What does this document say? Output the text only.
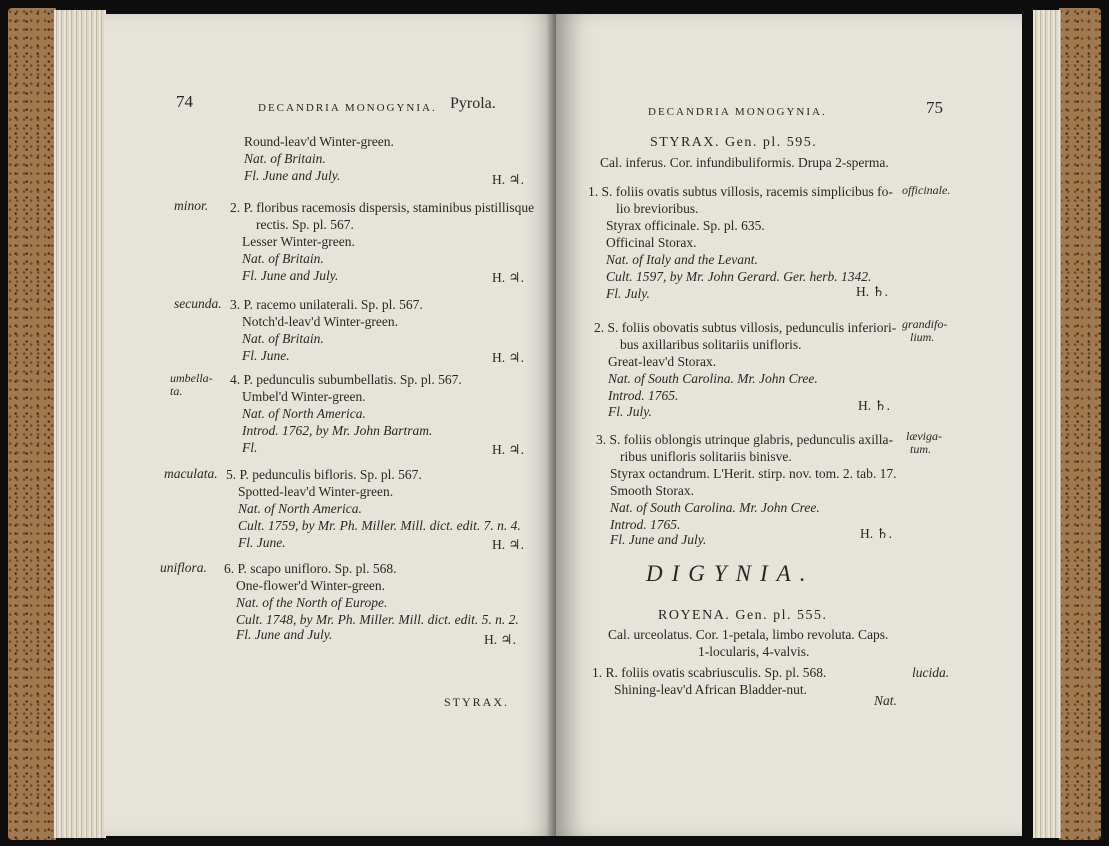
74	DECANDRIA MONOGYNIA. Pyrola.
Round-leav'd Winter-green.
Nat. of Britain.
Fl. June and July.	H. ♃.
minor. 2. P. floribus racemosis dispersis, staminibus pistillisque
rectis. Sp. pl. 567.
Lesser Winter-green.
Nat. of Britain.
Fl. June and July.	H. ♃.
secunda. 3. P. racemo unilaterali. Sp. pl. 567.
Notch'd-leav'd Winter-green.
Nat. of Britain.
Fl. June.	H. ♃.
umbella-
ta.
4. P. pedunculis subumbellatis. Sp. pl. 567.
Umbel'd Winter-green.
Nat. of North America.
Introd. 1762, by Mr. John Bartram.
Fl.	H. ♃.
maculata. 5. P. pedunculis bifloris. Sp. pl. 567.
Spotted-leav'd Winter-green.
Nat. of North America.
Cult. 1759, by Mr. Ph. Miller. Mill. dict. edit. 7. n. 4.
Fl. June.	H. ♃.
uniflora. 6. P. scapo unifloro. Sp. pl. 568.
One-flower'd Winter-green.
Nat. of the North of Europe.
Cult. 1748, by Mr. Ph. Miller. Mill. dict. edit. 5. n. 2.
Fl. June and July.	H. ♃.
STYRAX.
DECANDRIA MONOGYNIA.	75
STYRAX. Gen. pl. 595.
Cal. inferus. Cor. infundibuliformis. Drupa 2-sperma.
1. S. foliis ovatis subtus villosis, racemis simplicibus fo-
lio brevioribus.
officinale.
Styrax officinale. Sp. pl. 635.
Officinal Storax.
Nat. of Italy and the Levant.
Cult. 1597, by Mr. John Gerard. Ger. herb. 1342.
Fl. July.	H. ♄.
2. S. foliis obovatis subtus villosis, pedunculis inferiori-
bus axillaribus solitariis unifloris.
grandifo-
lium.
Great-leav'd Storax.
Nat. of South Carolina. Mr. John Cree.
Introd. 1765.
Fl. July.	H. ♄.
3. S. foliis oblongis utrinque glabris, pedunculis axilla-
ribus unifloris solitariis binisve.
læviga-
tum.
Styrax octandrum. L'Herit. stirp. nov. tom. 2. tab. 17.
Smooth Storax.
Nat. of South Carolina. Mr. John Cree.
Introd. 1765.
Fl. June and July.	H. ♄.
DIGYNIA.
ROYENA. Gen. pl. 555.
Cal. urceolatus. Cor. 1-petala, limbo revoluta. Caps.
1-locularis, 4-valvis.
1. R. foliis ovatis scabriusculis. Sp. pl. 568.	lucida.
Shining-leav'd African Bladder-nut.
Nat.
